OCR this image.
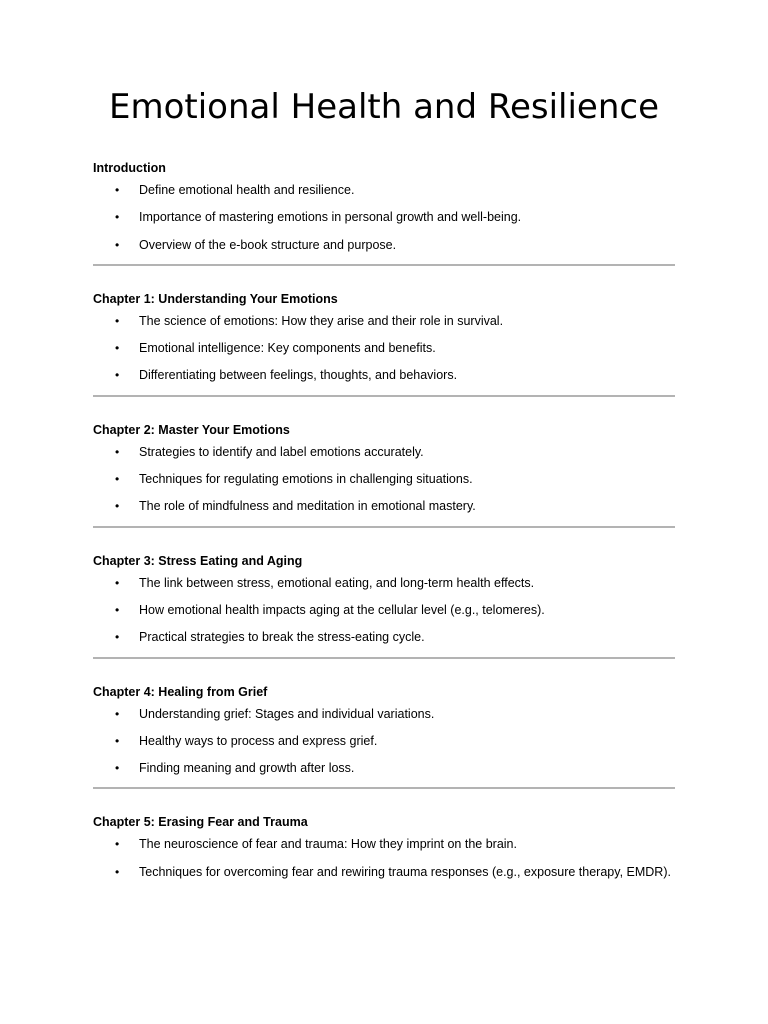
Emotional Health and Resilience

Introduction

• Define emotional health and resilience.
• Importance of mastering emotions in personal growth and well-being.
• Overview of the e-book structure and purpose.

Chapter 1: Understanding Your Emotions

• The science of emotions: How they arise and their role in survival.
• Emotional intelligence: Key components and benefits.
• Differentiating between feelings, thoughts, and behaviors.

Chapter 2: Master Your Emotions

• Strategies to identify and label emotions accurately.
• Techniques for regulating emotions in challenging situations.
• The role of mindfulness and meditation in emotional mastery.

Chapter 3: Stress Eating and Aging

• The link between stress, emotional eating, and long-term health effects.
• How emotional health impacts aging at the cellular level (e.g., telomeres).
• Practical strategies to break the stress-eating cycle.

Chapter 4: Healing from Grief

• Understanding grief: Stages and individual variations.
• Healthy ways to process and express grief.
• Finding meaning and growth after loss.

Chapter 5: Erasing Fear and Trauma

• The neuroscience of fear and trauma: How they imprint on the brain.
• Techniques for overcoming fear and rewiring trauma responses (e.g., exposure therapy, EMDR).
